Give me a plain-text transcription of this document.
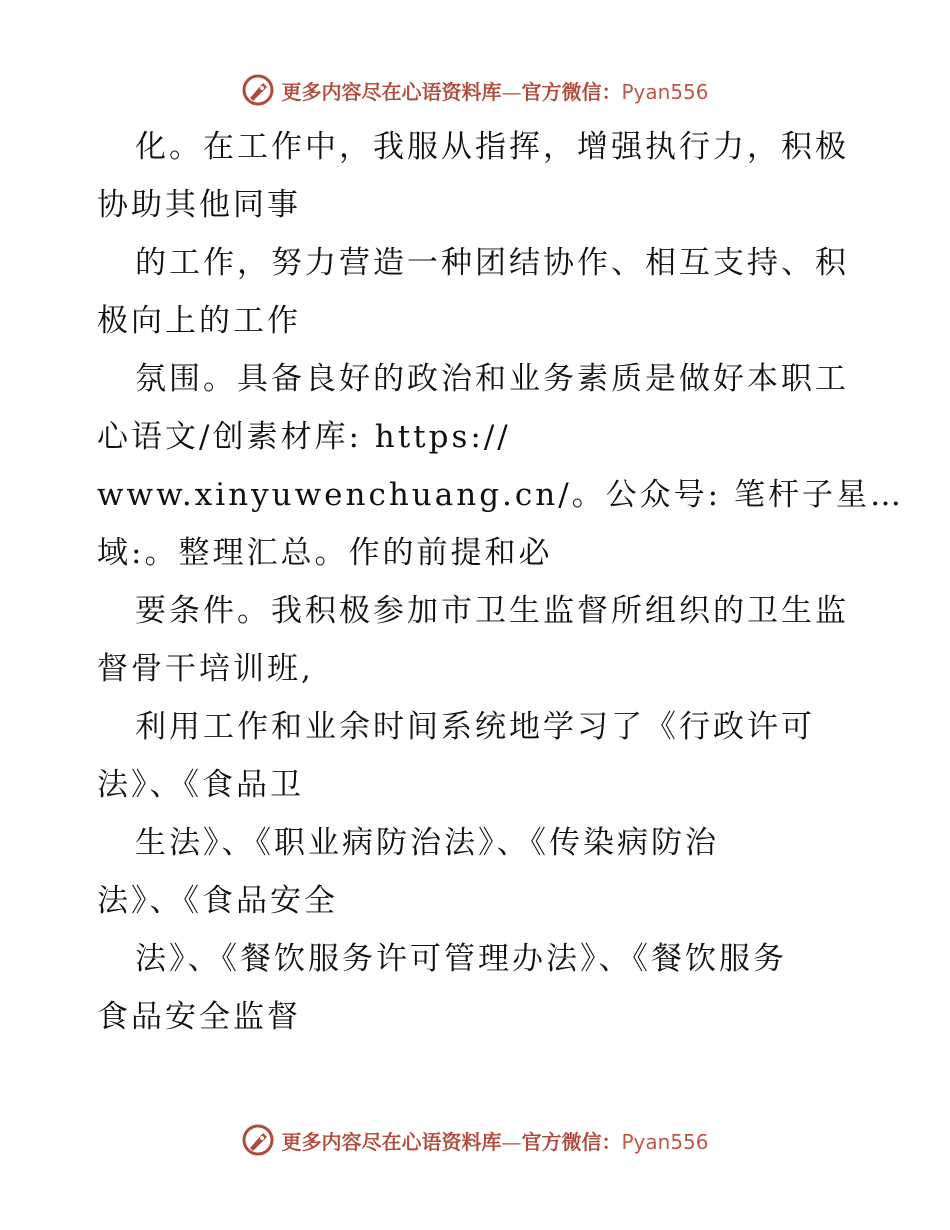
更多内容尽在心语资料库—官方微信：Pyan556
化。在工作中，我服从指挥，增强执行力，积极
协助其他同事
的工作，努力营造一种团结协作、相互支持、积
极向上的工作
氛围。具备良好的政治和业务素质是做好本职工
心语文/创素材库: https://
www.xinyuwenchuang.cn/。公众号: 笔杆子星…
域:。整理汇总。作的前提和必
要条件。我积极参加市卫生监督所组织的卫生监
督骨干培训班,
利用工作和业余时间系统地学习了《行政许可
法》、《食品卫
生法》、《职业病防治法》、《传染病防治
法》、《食品安全
法》、《餐饮服务许可管理办法》、《餐饮服务
食品安全监督
更多内容尽在心语资料库—官方微信：Pyan556
